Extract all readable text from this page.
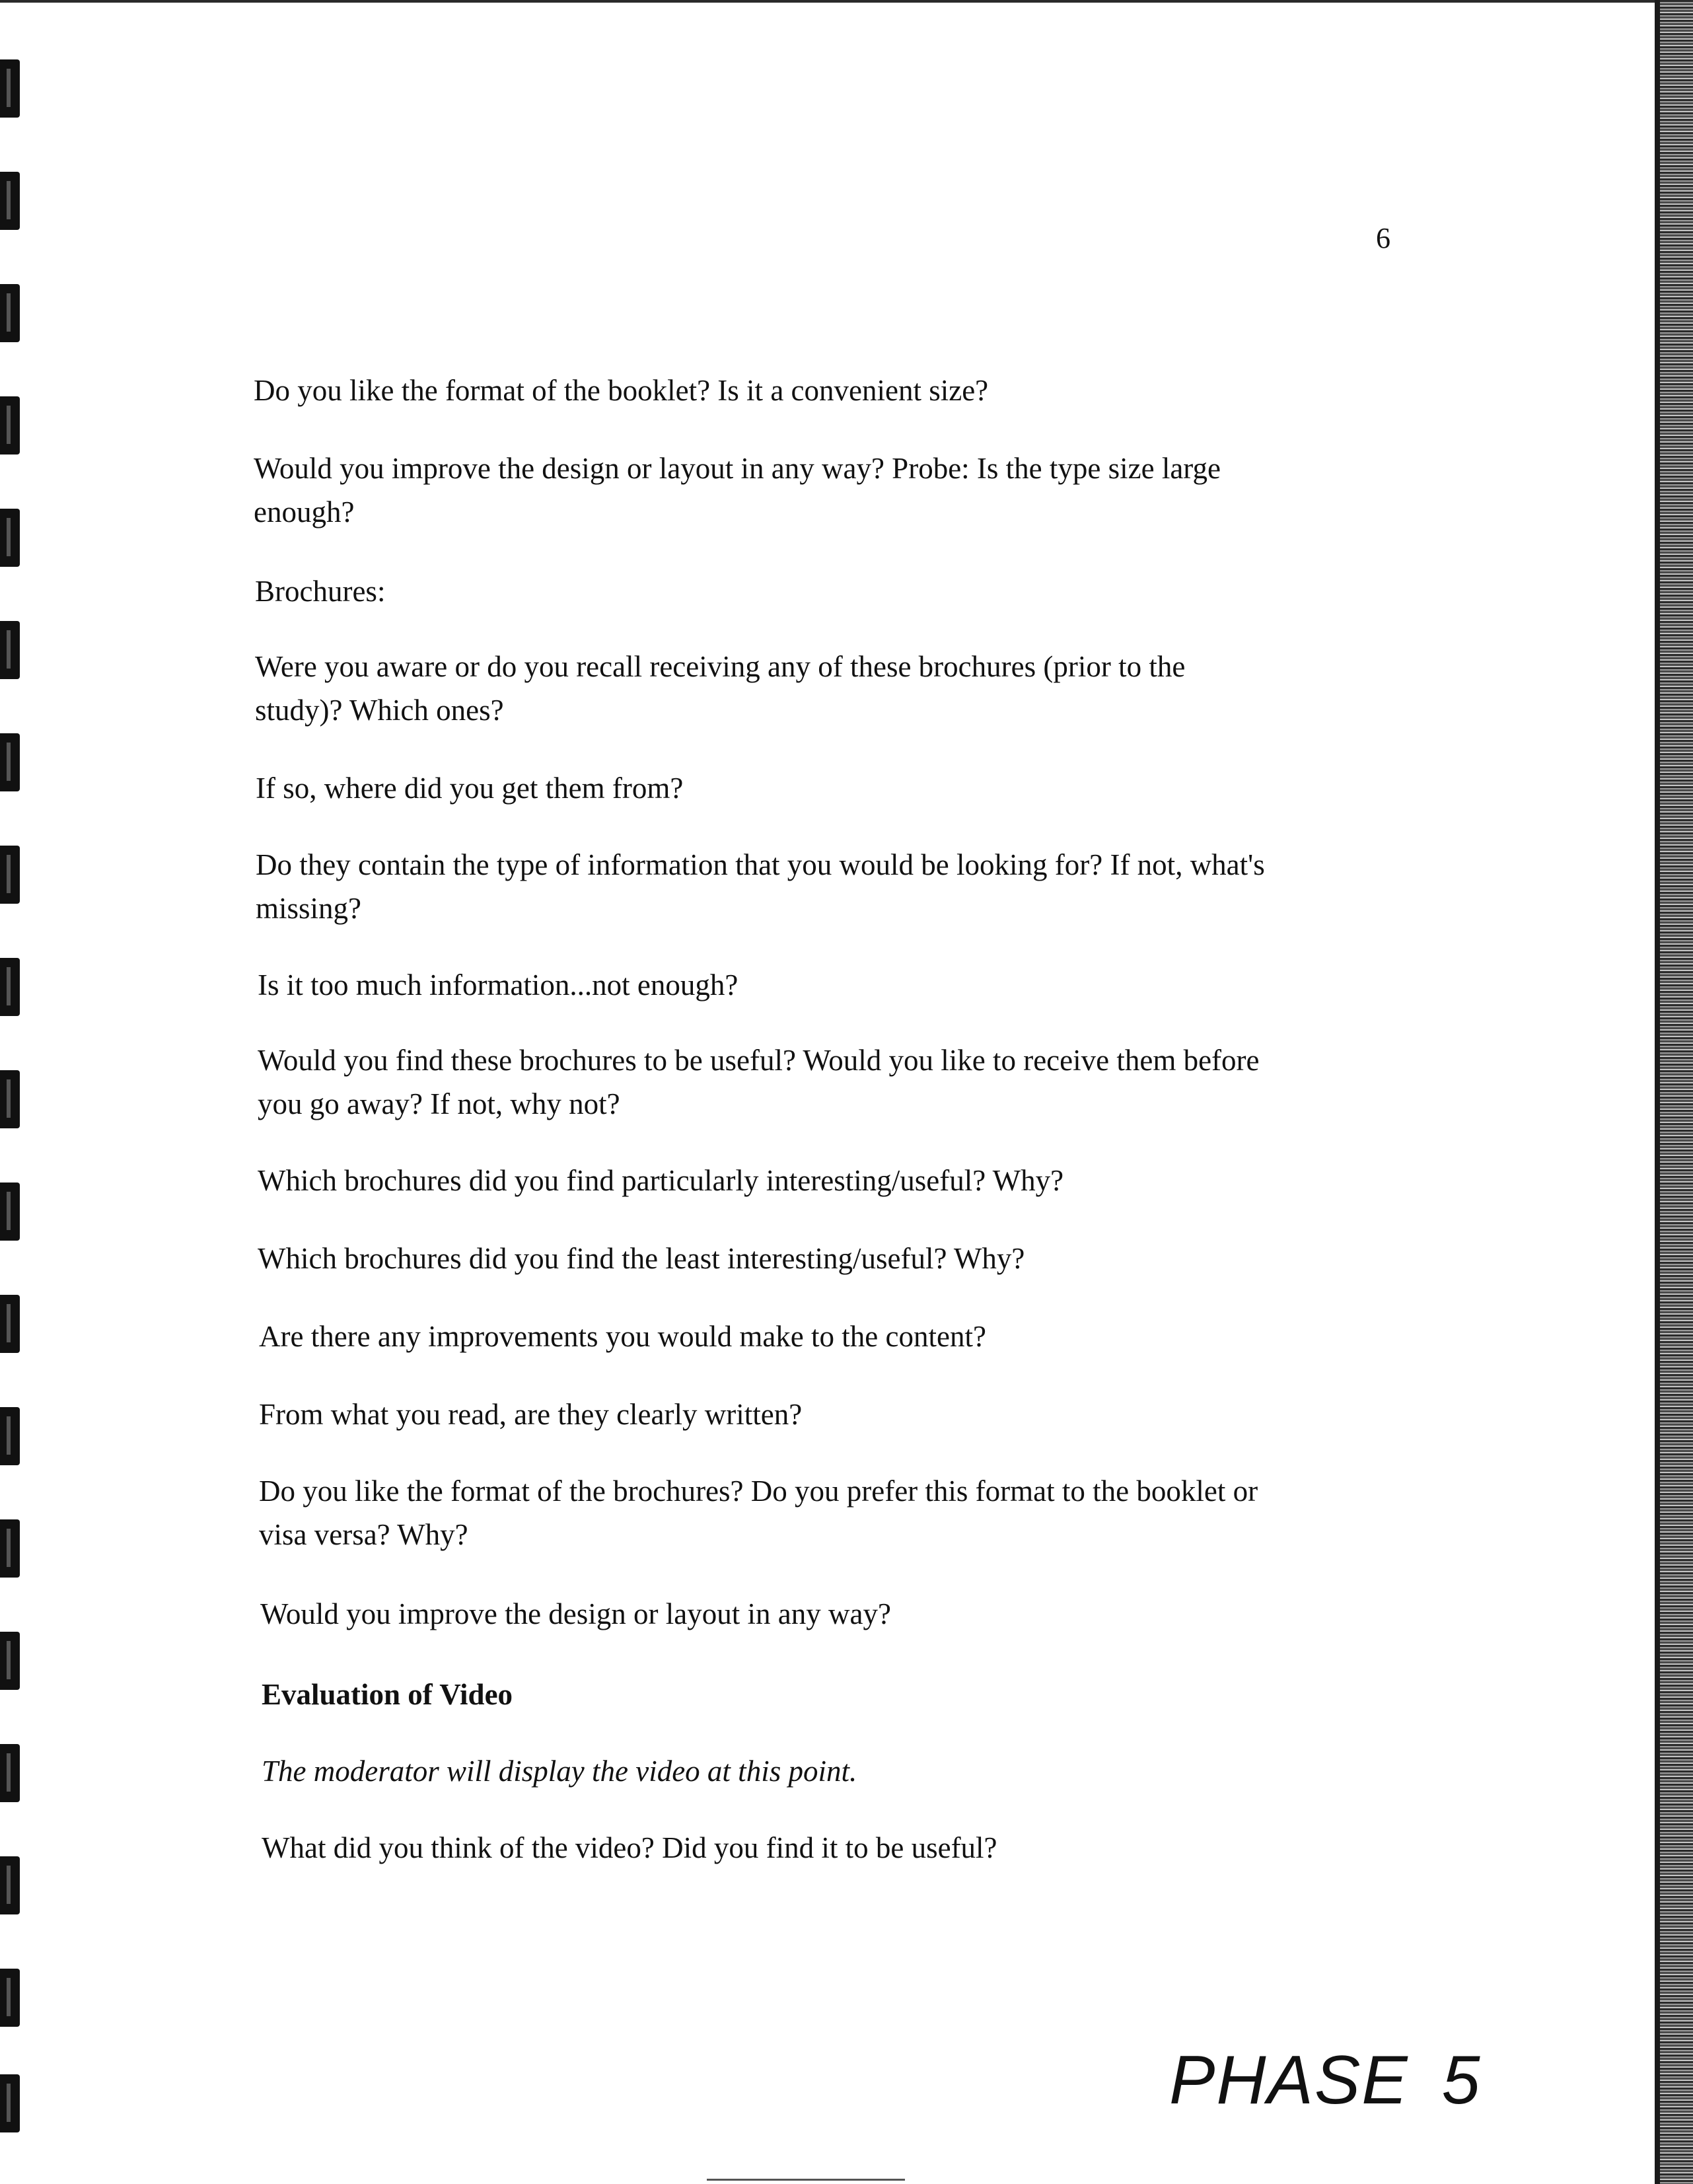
6
Do you like the format of the booklet? Is it a convenient size?
Would you improve the design or layout in any way? Probe: Is the type size large
enough?
Brochures:
Were you aware or do you recall receiving any of these brochures (prior to the
study)? Which ones?
If so, where did you get them from?
Do they contain the type of information that you would be looking for? If not, what's
missing?
Is it too much information...not enough?
Would you find these brochures to be useful? Would you like to receive them before
you go away? If not, why not?
Which brochures did you find particularly interesting/useful? Why?
Which brochures did you find the least interesting/useful? Why?
Are there any improvements you would make to the content?
From what you read, are they clearly written?
Do you like the format of the brochures? Do you prefer this format to the booklet or
visa versa? Why?
Would you improve the design or layout in any way?
Evaluation of Video
The moderator will display the video at this point.
What did you think of the video? Did you find it to be useful?
PHASE 5
